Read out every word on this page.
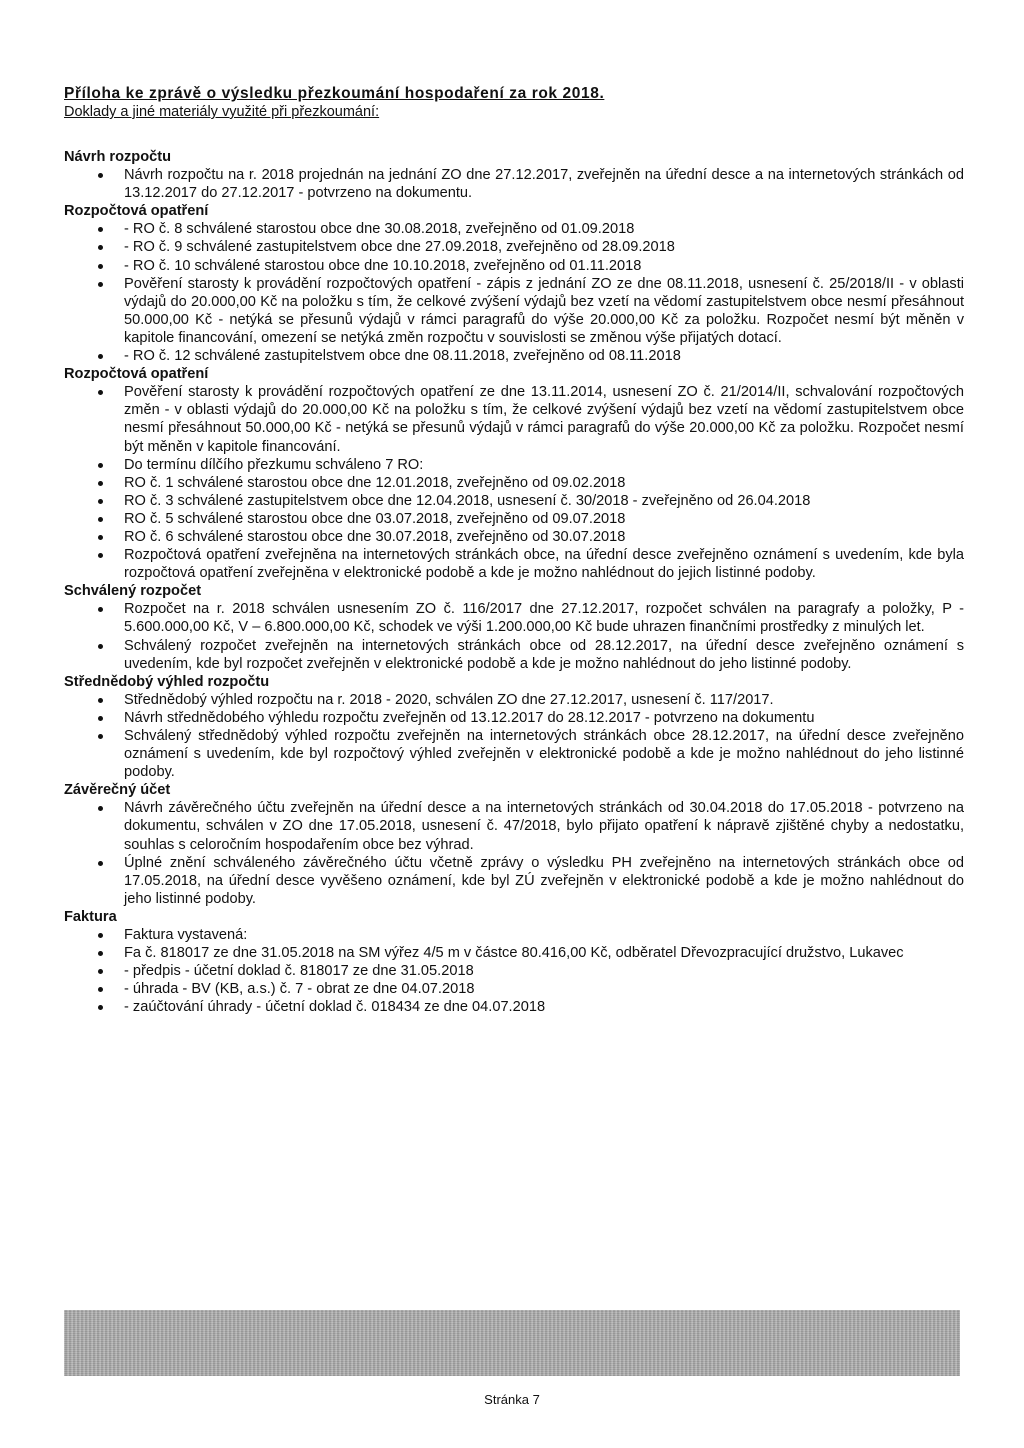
Příloha ke zprávě o výsledku přezkoumání hospodaření za rok 2018.
Doklady a jiné materiály využité při přezkoumání:
Návrh rozpočtu
Návrh rozpočtu na r. 2018 projednán na jednání ZO dne 27.12.2017, zveřejněn na úřední desce a na internetových stránkách od 13.12.2017 do 27.12.2017 - potvrzeno na dokumentu.
Rozpočtová opatření
- RO č. 8 schválené starostou obce dne 30.08.2018, zveřejněno od 01.09.2018
- RO č. 9 schválené zastupitelstvem obce dne 27.09.2018, zveřejněno od 28.09.2018
- RO č. 10 schválené starostou obce dne 10.10.2018, zveřejněno od 01.11.2018
Pověření starosty k provádění rozpočtových opatření - zápis z jednání ZO ze dne 08.11.2018, usnesení č. 25/2018/II - v oblasti výdajů do 20.000,00 Kč na položku s tím, že celkové zvýšení výdajů bez vzetí na vědomí zastupitelstvem obce nesmí přesáhnout 50.000,00 Kč - netýká se přesunů výdajů v rámci paragrafů do výše 20.000,00 Kč za položku. Rozpočet nesmí být měněn v kapitole financování, omezení se netýká změn rozpočtu v souvislosti se změnou výše přijatých dotací.
- RO č. 12 schválené zastupitelstvem obce dne 08.11.2018, zveřejněno od 08.11.2018
Rozpočtová opatření
Pověření starosty k provádění rozpočtových opatření ze dne 13.11.2014, usnesení ZO č. 21/2014/II, schvalování rozpočtových změn - v oblasti výdajů do 20.000,00 Kč na položku s tím, že celkové zvýšení výdajů bez vzetí na vědomí zastupitelstvem obce nesmí přesáhnout 50.000,00 Kč - netýká se přesunů výdajů v rámci paragrafů do výše 20.000,00 Kč za položku. Rozpočet nesmí být měněn v kapitole financování.
Do termínu dílčího přezkumu schváleno 7 RO:
RO č. 1 schválené starostou obce dne 12.01.2018, zveřejněno od 09.02.2018
RO č. 3 schválené zastupitelstvem obce dne 12.04.2018, usnesení č. 30/2018 - zveřejněno od 26.04.2018
RO č. 5 schválené starostou obce dne 03.07.2018, zveřejněno od 09.07.2018
RO č. 6 schválené starostou obce dne 30.07.2018, zveřejněno od 30.07.2018
Rozpočtová opatření zveřejněna na internetových stránkách obce, na úřední desce zveřejněno oznámení s uvedením, kde byla rozpočtová opatření zveřejněna v elektronické podobě a kde je možno nahlédnout do jejich listinné podoby.
Schválený rozpočet
Rozpočet na r. 2018 schválen usnesením ZO č. 116/2017 dne 27.12.2017, rozpočet schválen na paragrafy a položky, P - 5.600.000,00 Kč, V – 6.800.000,00 Kč, schodek ve výši 1.200.000,00 Kč bude uhrazen finančními prostředky z minulých let.
Schválený rozpočet zveřejněn na internetových stránkách obce od 28.12.2017, na úřední desce zveřejněno oznámení s uvedením, kde byl rozpočet zveřejněn v elektronické podobě a kde je možno nahlédnout do jeho listinné podoby.
Střednědobý výhled rozpočtu
Střednědobý výhled rozpočtu na r. 2018 - 2020, schválen ZO dne 27.12.2017, usnesení č. 117/2017.
Návrh střednědobého výhledu rozpočtu zveřejněn od 13.12.2017 do 28.12.2017 - potvrzeno na dokumentu
Schválený střednědobý výhled rozpočtu zveřejněn na internetových stránkách obce 28.12.2017, na úřední desce zveřejněno oznámení s uvedením, kde byl rozpočtový výhled zveřejněn v elektronické podobě a kde je možno nahlédnout do jeho listinné podoby.
Závěrečný účet
Návrh závěrečného účtu zveřejněn na úřední desce a na internetových stránkách od 30.04.2018 do 17.05.2018 - potvrzeno na dokumentu, schválen v ZO dne 17.05.2018, usnesení č. 47/2018, bylo přijato opatření k nápravě zjištěné chyby a nedostatku, souhlas s celoročním hospodařením obce bez výhrad.
Úplné znění schváleného závěrečného účtu včetně zprávy o výsledku PH zveřejněno na internetových stránkách obce od 17.05.2018, na úřední desce vyvěšeno oznámení, kde byl ZÚ zveřejněn v elektronické podobě a kde je možno nahlédnout do jeho listinné podoby.
Faktura
Faktura vystavená:
Fa č. 818017 ze dne 31.05.2018 na SM výřez 4/5 m v částce 80.416,00 Kč, odběratel Dřevozpracující družstvo, Lukavec
- předpis - účetní doklad č. 818017 ze dne 31.05.2018
- úhrada - BV (KB, a.s.) č. 7 - obrat ze dne 04.07.2018
- zaúčtování úhrady - účetní doklad č. 018434 ze dne 04.07.2018
Stránka 7
